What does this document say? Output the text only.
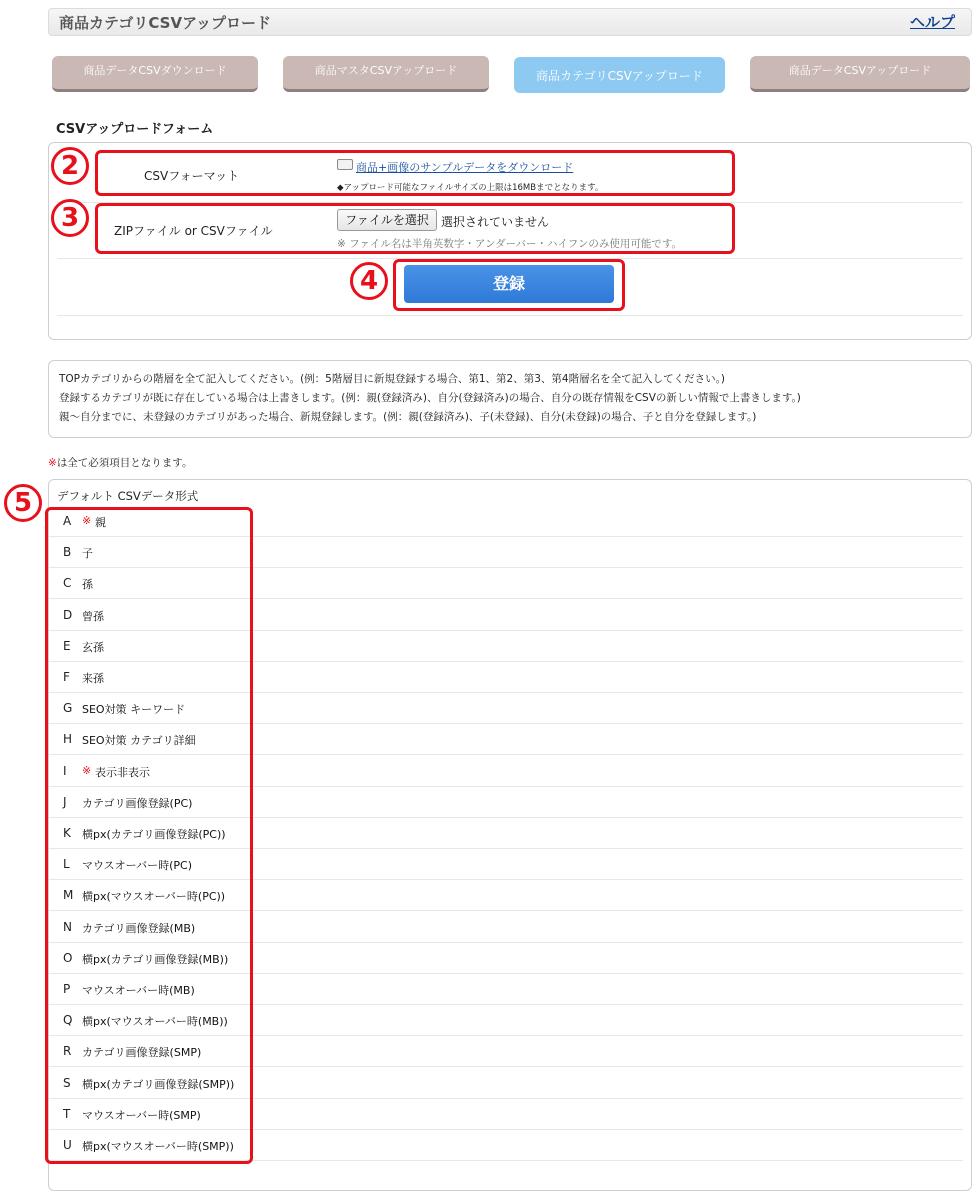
商品カテゴリCSVアップロード	ヘルプ
商品データCSVダウンロード	商品マスタCSVアップロード	商品カテゴリCSVアップロード	商品データCSVアップロード
CSVアップロードフォーム
2	CSVフォーマット
商品+画像のサンプルデータをダウンロード
◆アップロード可能なファイルサイズの上限は16MBまでとなります。
3	ZIPファイル or CSVファイル
ファイルを選択	選択されていません
※ ファイル名は半角英数字・アンダーバー・ハイフンのみ使用可能です。
4	登録
TOPカテゴリからの階層を全て記入してください。(例：5階層目に新規登録する場合、第1、第2、第3、第4階層名を全て記入してください。)
登録するカテゴリが既に存在している場合は上書きします。(例：親(登録済み)、自分(登録済み)の場合、自分の既存情報をCSVの新しい情報で上書きします。)
親～自分までに、未登録のカテゴリがあった場合、新規登録します。(例：親(登録済み)、子(未登録)、自分(未登録)の場合、子と自分を登録します。)
※は全て必須項目となります。
デフォルト CSVデータ形式
A ※ 親
B 子
C 孫
D 曾孫
E 玄孫
F 来孫
G SEO対策 キーワード
H SEO対策 カテゴリ詳細
I ※ 表示非表示
J カテゴリ画像登録(PC)
K 横px(カテゴリ画像登録(PC))
L マウスオーバー時(PC)
M 横px(マウスオーバー時(PC))
N カテゴリ画像登録(MB)
O 横px(カテゴリ画像登録(MB))
P マウスオーバー時(MB)
Q 横px(マウスオーバー時(MB))
R カテゴリ画像登録(SMP)
S 横px(カテゴリ画像登録(SMP))
T マウスオーバー時(SMP)
U 横px(マウスオーバー時(SMP))
5
